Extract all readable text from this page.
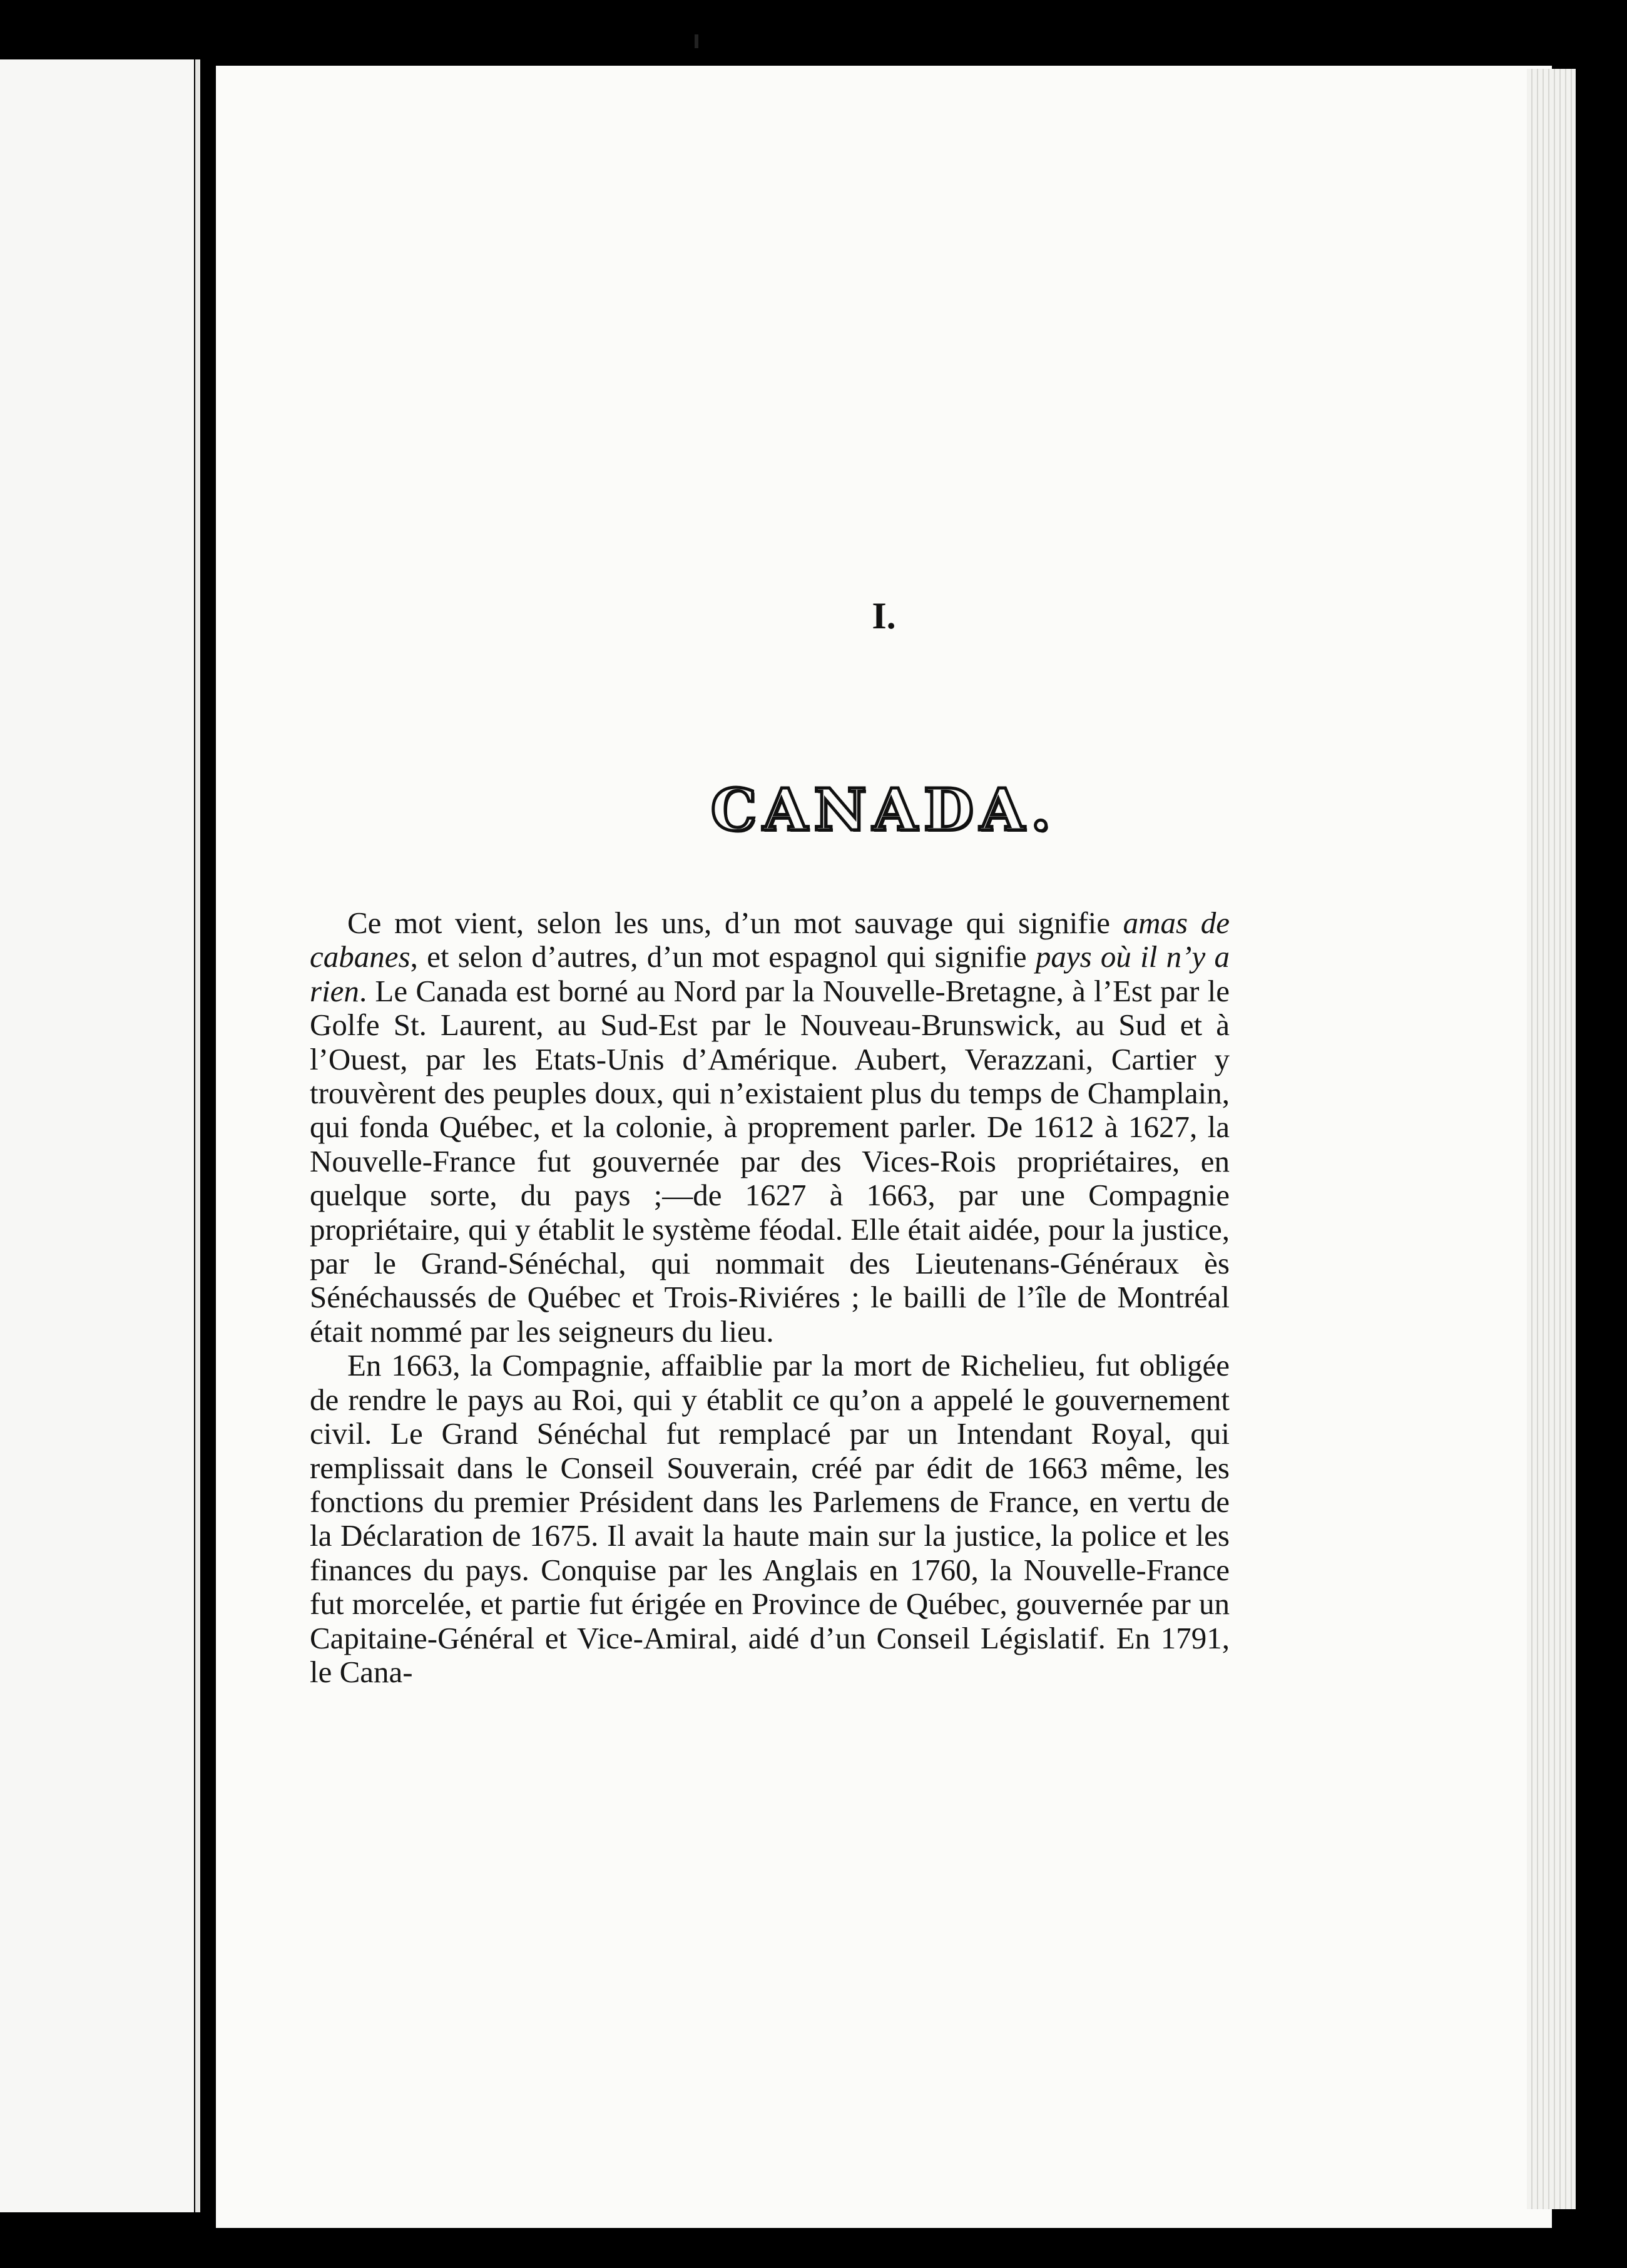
I.
CANADA.

Ce mot vient, selon les uns, d’un mot sauvage qui signifie amas de cabanes, et selon d’autres, d’un mot espagnol qui signifie pays où il n’y a rien. Le Canada est borné au Nord par la Nouvelle-Bretagne, à l’Est par le Golfe St. Laurent, au Sud-Est par le Nouveau-Brunswick, au Sud et à l’Ouest, par les Etats-Unis d’Amérique. Aubert, Verazzani, Cartier y trouvèrent des peuples doux, qui n’existaient plus du temps de Champlain, qui fonda Québec, et la colonie, à proprement parler. De 1612 à 1627, la Nouvelle-France fut gouvernée par des Vices-Rois propriétaires, en quelque sorte, du pays ;—de 1627 à 1663, par une Compagnie propriétaire, qui y établit le système féodal. Elle était aidée, pour la justice, par le Grand-Sénéchal, qui nommait des Lieutenans-Généraux ès Sénéchaussés de Québec et Trois-Riviéres ; le bailli de l’île de Montréal était nommé par les seigneurs du lieu.

En 1663, la Compagnie, affaiblie par la mort de Richelieu, fut obligée de rendre le pays au Roi, qui y établit ce qu’on a appelé le gouvernement civil. Le Grand Sénéchal fut remplacé par un Intendant Royal, qui remplissait dans le Conseil Souverain, créé par édit de 1663 même, les fonctions du premier Président dans les Parlemens de France, en vertu de la Déclaration de 1675. Il avait la haute main sur la justice, la police et les finances du pays. Conquise par les Anglais en 1760, la Nouvelle-France fut morcelée, et partie fut érigée en Province de Québec, gouvernée par un Capitaine-Général et Vice-Amiral, aidé d’un Conseil Législatif. En 1791, le Cana-
